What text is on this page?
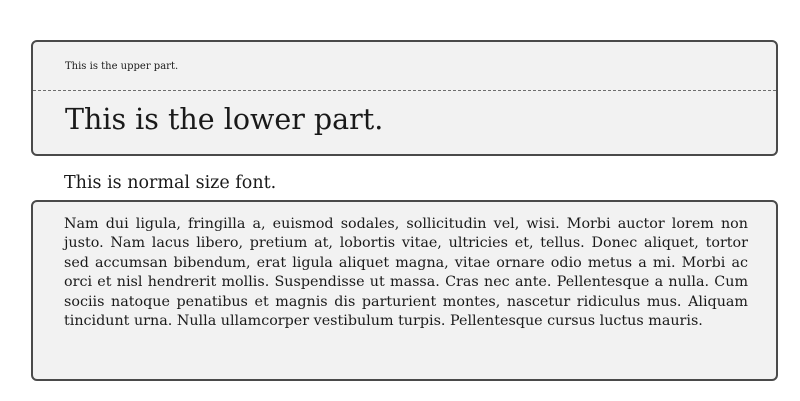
This is the upper part.
This is the lower part.
This is normal size font.

Nam dui ligula, fringilla a, euismod sodales, sollicitudin vel, wisi. Morbi auctor lorem non justo. Nam lacus libero, pretium at, lobortis vitae, ultricies et, tellus. Donec aliquet, tortor sed accumsan bibendum, erat ligula aliquet magna, vitae ornare odio metus a mi. Morbi ac orci et nisl hendrerit mollis. Suspendisse ut massa. Cras nec ante. Pellentesque a nulla. Cum sociis natoque penatibus et magnis dis parturient montes, nascetur ridiculus mus. Aliquam tincidunt urna. Nulla ullamcorper vestibulum turpis. Pellentesque cursus luctus mauris.
